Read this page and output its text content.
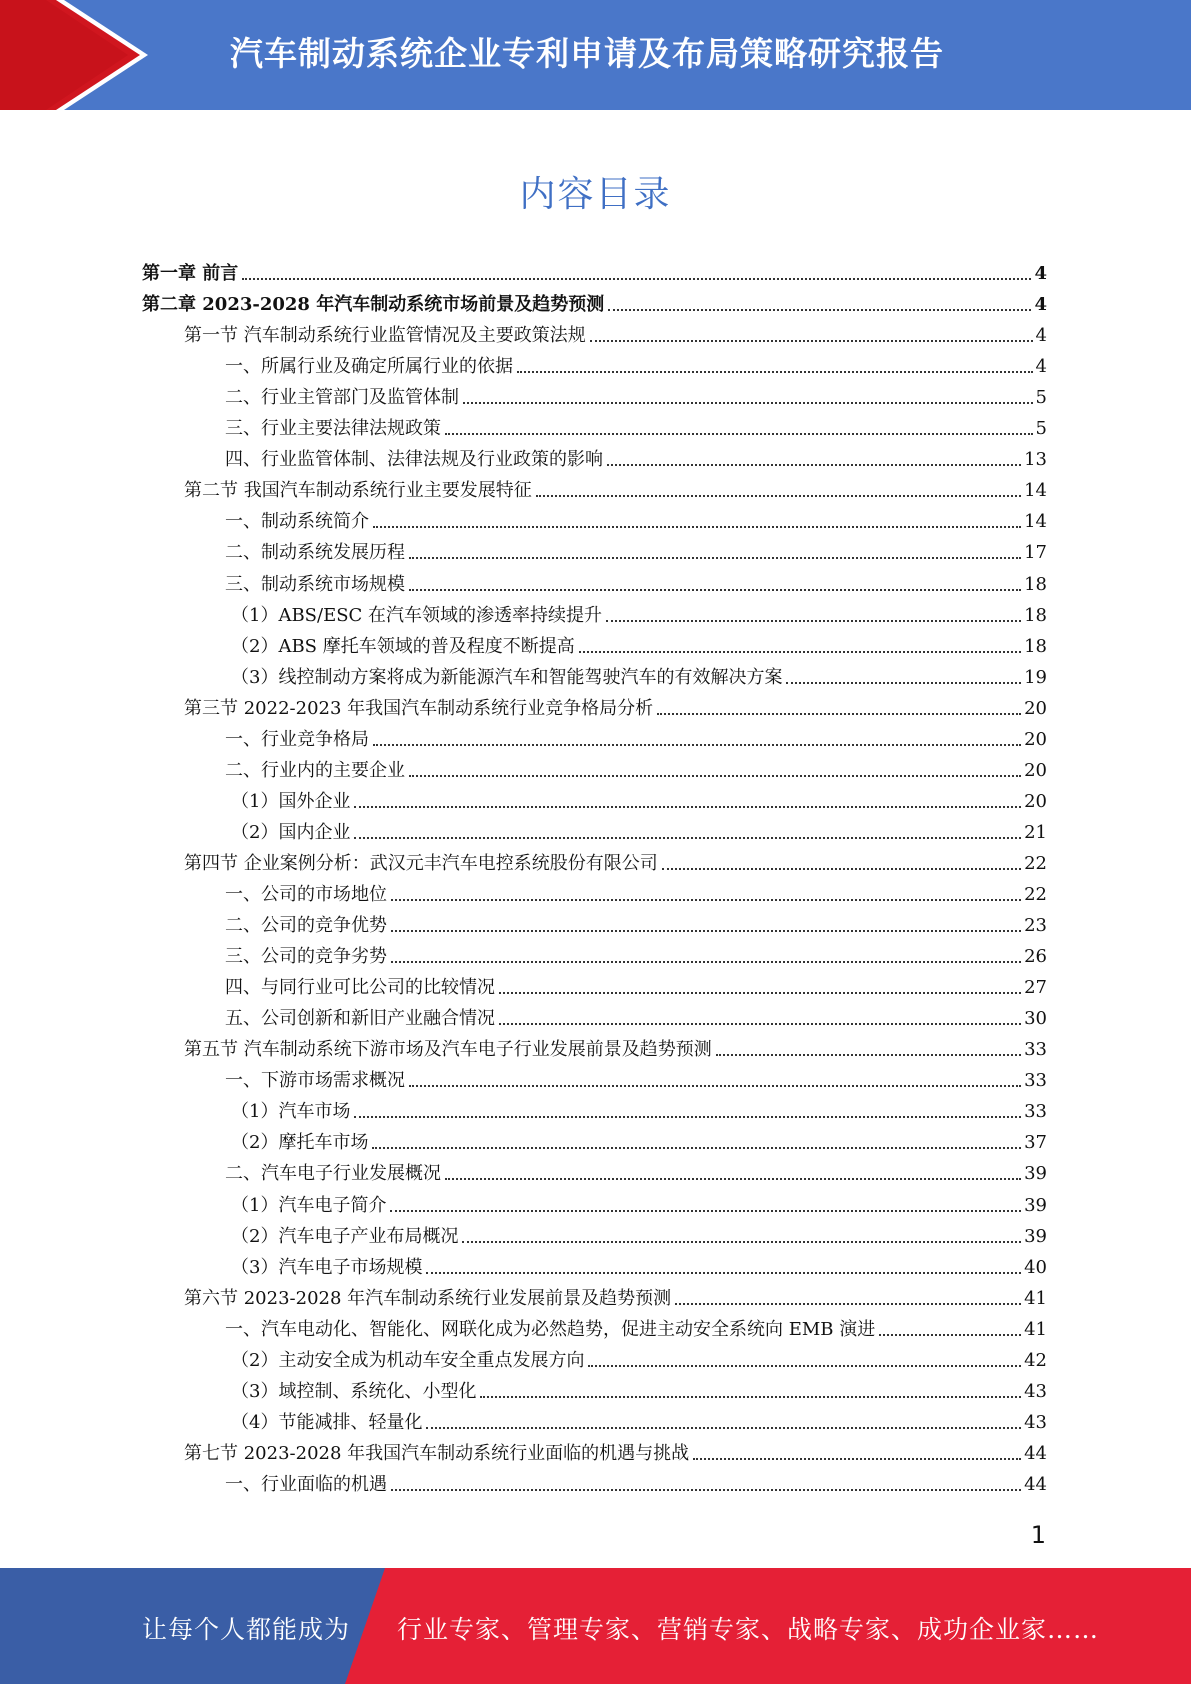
汽车制动系统企业专利申请及布局策略研究报告
内容目录
第一章 前言	4
第二章 2023-2028 年汽车制动系统市场前景及趋势预测	4
第一节 汽车制动系统行业监管情况及主要政策法规	4
一、所属行业及确定所属行业的依据	4
二、行业主管部门及监管体制	5
三、行业主要法律法规政策	5
四、行业监管体制、法律法规及行业政策的影响	13
第二节 我国汽车制动系统行业主要发展特征	14
一、制动系统简介	14
二、制动系统发展历程	17
三、制动系统市场规模	18
（1）ABS/ESC 在汽车领域的渗透率持续提升	18
（2）ABS 摩托车领域的普及程度不断提高	18
（3）线控制动方案将成为新能源汽车和智能驾驶汽车的有效解决方案	19
第三节 2022-2023 年我国汽车制动系统行业竞争格局分析	20
一、行业竞争格局	20
二、行业内的主要企业	20
（1）国外企业	20
（2）国内企业	21
第四节 企业案例分析：武汉元丰汽车电控系统股份有限公司	22
一、公司的市场地位	22
二、公司的竞争优势	23
三、公司的竞争劣势	26
四、与同行业可比公司的比较情况	27
五、公司创新和新旧产业融合情况	30
第五节 汽车制动系统下游市场及汽车电子行业发展前景及趋势预测	33
一、下游市场需求概况	33
（1）汽车市场	33
（2）摩托车市场	37
二、汽车电子行业发展概况	39
（1）汽车电子简介	39
（2）汽车电子产业布局概况	39
（3）汽车电子市场规模	40
第六节 2023-2028 年汽车制动系统行业发展前景及趋势预测	41
一、汽车电动化、智能化、网联化成为必然趋势，促进主动安全系统向 EMB 演进	41
（2）主动安全成为机动车安全重点发展方向	42
（3）域控制、系统化、小型化	43
（4）节能减排、轻量化	43
第七节 2023-2028 年我国汽车制动系统行业面临的机遇与挑战	44
一、行业面临的机遇	44
1
让每个人都能成为 行业专家、管理专家、营销专家、战略专家、成功企业家……
